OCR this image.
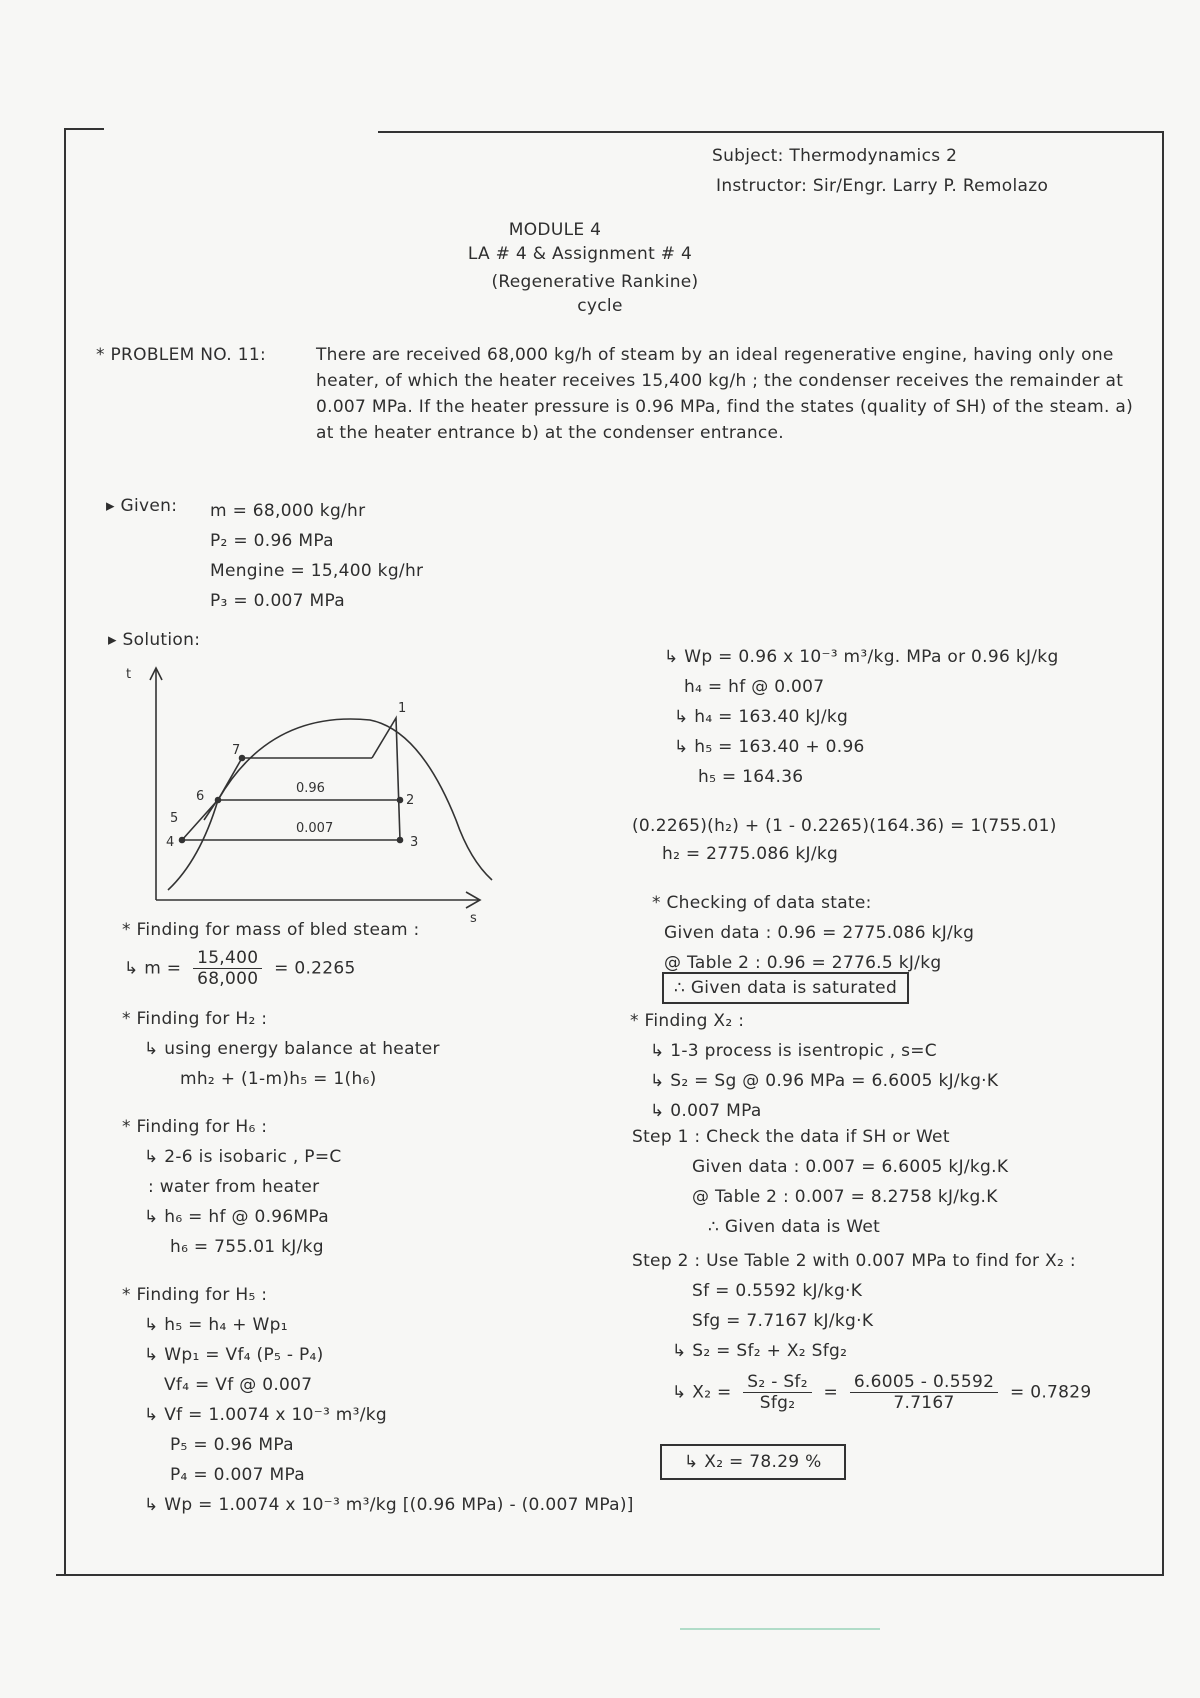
Subject: Thermodynamics 2
Instructor: Sir/Engr. Larry P. Remolazo
MODULE 4
LA # 4 & Assignment # 4
(Regenerative Rankine)
cycle
* PROBLEM NO. 11:	There are received 68,000 kg/h of steam by an ideal regenerative engine, having only one heater, of which the heater receives 15,400 kg/h ; the condenser receives the remainder at 0.007 MPa. If the heater pressure is 0.96 MPa, find the states (quality of SH) of the steam. a) at the heater entrance b) at the condenser entrance.
▸ Given: m = 68,000 kg/hr
P₂ = 0.96 MPa
Mengine = 15,400 kg/hr
P₃ = 0.007 MPa
▸ Solution:
t
s
1
2
3
4
5
6
7
0.96
0.007
* Finding for mass of bled steam :
↳ $m = \frac{15,400}{68,000} = 0.2265$
* Finding for H₂ :
↳ using energy balance at heater
mh₂ + (1-m)h₅ = 1(h₆)
* Finding for H₆ :
↳ 2-6 is isobaric , P=C
: water from heater
↳ h₆ = hf @ 0.96MPa
h₆ = 755.01 kJ/kg
* Finding for H₅ :
↳ h₅ = h₄ + Wp₁
↳ Wp₁ = Vf₄ (P₅ - P₄)
Vf₄ = Vf @ 0.007
↳ Vf = 1.0074 x 10⁻³ m³/kg
P₅ = 0.96 MPa
P₄ = 0.007 MPa
↳ Wp = 1.0074 x 10⁻³ m³/kg [(0.96 MPa) - (0.007 MPa)]
↳ Wp = 0.96 x 10⁻³ m³/kg. MPa or 0.96 kJ/kg
h₄ = hf @ 0.007
↳ h₄ = 163.40 kJ/kg
↳ h₅ = 163.40 + 0.96
h₅ = 164.36
(0.2265)(h₂) + (1 - 0.2265)(164.36) = 1(755.01)
h₂ = 2775.086 kJ/kg
* Checking of data state:
Given data : 0.96 = 2775.086 kJ/kg
@ Table 2 : 0.96 = 2776.5 kJ/kg
∴ Given data is saturated
* Finding X₂ :
↳ 1-3 process is isentropic , s=C
↳ S₂ = Sg @ 0.96 MPa = 6.6005 kJ/kg·K
↳ 0.007 MPa
Step 1 : Check the data if SH or Wet
Given data : 0.007 = 6.6005 kJ/kg.K
@ Table 2 : 0.007 = 8.2758 kJ/kg.K
∴ Given data is Wet
Step 2 : Use Table 2 with 0.007 MPa to find for X₂ :
Sf = 0.5592 kJ/kg·K
Sfg = 7.7167 kJ/kg·K
↳ S₂ = Sf₂ + X₂ Sfg₂
↳ $X_2 = \frac{\text{S₂ - Sf₂}}{\text{Sfg₂}} = \frac{6.6005 - 0.5592}{7.7167} = 0.7829$
↳ X₂ = 78.29 %
